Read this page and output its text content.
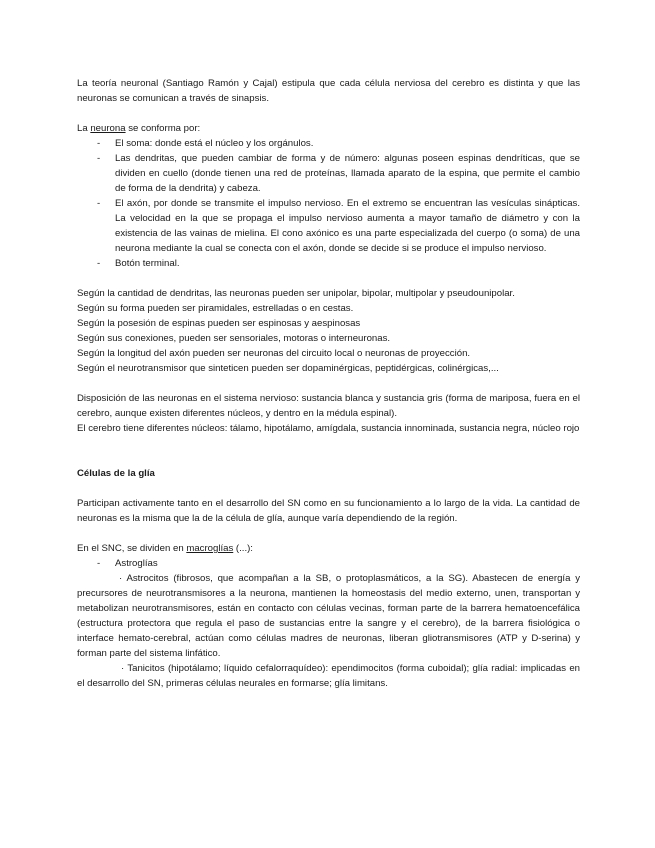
La teoría neuronal (Santiago Ramón y Cajal) estipula que cada célula nerviosa del cerebro es distinta y que las neuronas se comunican a través de sinapsis.

La neurona se conforma por:

- El soma: donde está el núcleo y los orgánulos.
- Las dendritas, que pueden cambiar de forma y de número: algunas poseen espinas dendríticas, que se dividen en cuello (donde tienen una red de proteínas, llamada aparato de la espina, que permite el cambio de forma de la dendrita) y cabeza.
- El axón, por donde se transmite el impulso nervioso. En el extremo se encuentran las vesículas sinápticas. La velocidad en la que se propaga el impulso nervioso aumenta a mayor tamaño de diámetro y con la existencia de las vainas de mielina. El cono axónico es una parte especializada del cuerpo (o soma) de una neurona mediante la cual se conecta con el axón, donde se decide si se produce el impulso nervioso.
- Botón terminal.

Según la cantidad de dendritas, las neuronas pueden ser unipolar, bipolar, multipolar y pseudounipolar.

Según su forma pueden ser piramidales, estrelladas o en cestas.

Según la posesión de espinas pueden ser espinosas y aespinosas

Según sus conexiones, pueden ser sensoriales, motoras o interneuronas.

Según la longitud del axón pueden ser neuronas del circuito local o neuronas de proyección.

Según el neurotransmisor que sinteticen pueden ser dopaminérgicas, peptidérgicas, colinérgicas,...

Disposición de las neuronas en el sistema nervioso: sustancia blanca y sustancia gris (forma de mariposa, fuera en el cerebro, aunque existen diferentes núcleos, y dentro en la médula espinal).

El cerebro tiene diferentes núcleos: tálamo, hipotálamo, amígdala, sustancia innominada, sustancia negra, núcleo rojo

Células de la glía

Participan activamente tanto en el desarrollo del SN como en su funcionamiento a lo largo de la vida. La cantidad de neuronas es la misma que la de la célula de glía, aunque varía dependiendo de la región.

En el SNC, se dividen en macroglías (...):

- Astroglías

· Astrocitos (fibrosos, que acompañan a la SB, o protoplasmáticos, a la SG). Abastecen de energía y precursores de neurotransmisores a la neurona, mantienen la homeostasis del medio externo, unen, transportan y metabolizan neurotransmisores, están en contacto con células vecinas, forman parte de la barrera hematoencefálica (estructura protectora que regula el paso de sustancias entre la sangre y el cerebro), de la barrera fisiológica o interface hemato-cerebral, actúan como células madres de neuronas, liberan gliotransmisores (ATP y D-serina) y forman parte del sistema linfático.

· Tanicitos (hipotálamo; líquido cefalorraquídeo): ependimocitos (forma cuboidal); glía radial: implicadas en el desarrollo del SN, primeras células neurales en formarse; glía limitans.
